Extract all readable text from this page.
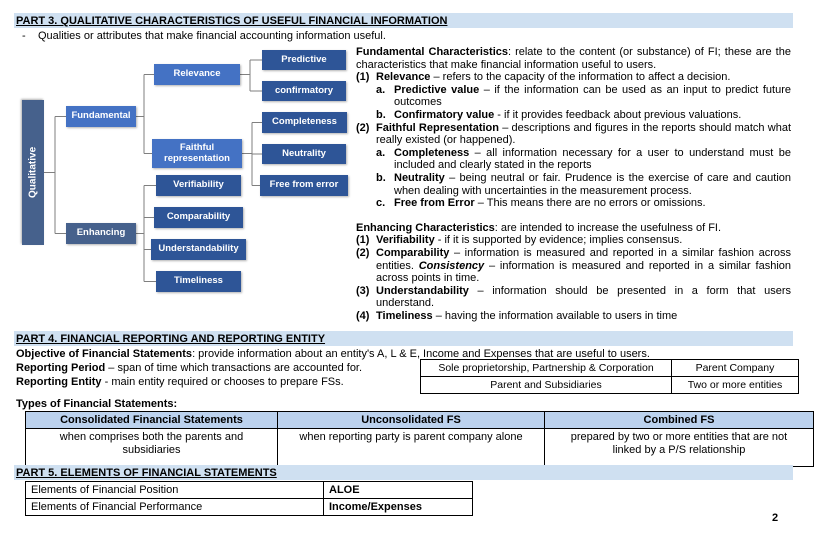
PART 3. QUALITATIVE CHARACTERISTICS OF USEFUL FINANCIAL INFORMATION
-	Qualities or attributes that make financial accounting information useful.
Qualitative
Fundamental
Enhancing
Relevance
Faithful representation
Verifiability
Comparability
Understandability
Timeliness
Predictive
confirmatory
Completeness
Neutrality
Free from error
Fundamental Characteristics: relate to the content (or substance) of FI; these are the characteristics that make financial information useful to users.
(1) Relevance – refers to the capacity of the information to affect a decision.
a. Predictive value – if the information can be used as an input to predict future outcomes
b. Confirmatory value - if it provides feedback about previous valuations.
(2) Faithful Representation – descriptions and figures in the reports should match what really existed (or happened).
a. Completeness – all information necessary for a user to understand must be included and clearly stated in the reports
b. Neutrality – being neutral or fair. Prudence is the exercise of care and caution when dealing with uncertainties in the measurement process.
c. Free from Error – This means there are no errors or omissions.
Enhancing Characteristics: are intended to increase the usefulness of FI.
(1) Verifiability - if it is supported by evidence; implies consensus.
(2) Comparability – information is measured and reported in a similar fashion across entities. Consistency – information is measured and reported in a similar fashion across points in time.
(3) Understandability – information should be presented in a form that users understand.
(4) Timeliness – having the information available to users in time
PART 4. FINANCIAL REPORTING AND REPORTING ENTITY
Objective of Financial Statements: provide information about an entity's A, L & E, Income and Expenses that are useful to users.
Reporting Period – span of time which transactions are accounted for.
Reporting Entity - main entity required or chooses to prepare FSs.
Sole proprietorship, Partnership & Corporation	Parent Company
Parent and Subsidiaries	Two or more entities
Types of Financial Statements:
Consolidated Financial Statements	Unconsolidated FS	Combined FS
when comprises both the parents and subsidiaries	when reporting party is parent company alone	prepared by two or more entities that are not linked by a P/S relationship
PART 5. ELEMENTS OF FINANCIAL STATEMENTS
Elements of Financial Position	ALOE
Elements of Financial Performance	Income/Expenses
2
